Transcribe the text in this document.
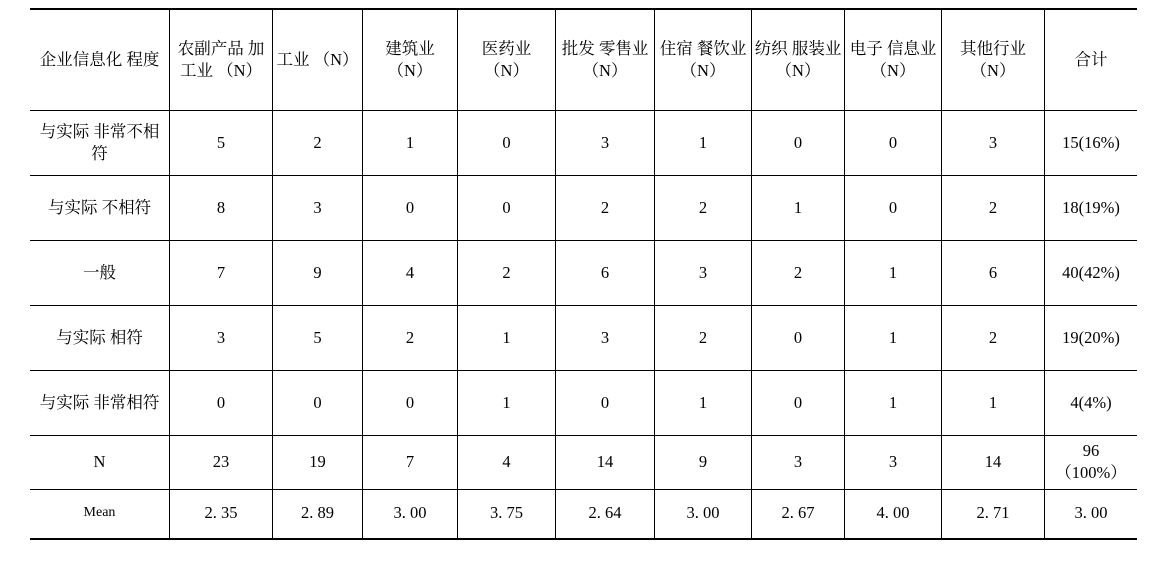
企业信息化 程度	农副产品 加工业 （N）	工业 （N）	建筑业 （N）	医药业 （N）	批发 零售业 （N）	住宿 餐饮业 （N）	纺织 服装业 （N）	电子 信息业 （N）	其他行业 （N）	合计
与实际 非常不相符	5	2	1	0	3	1	0	0	3	15(16%)

与实际 不相符	8	3	0	0	2	2	1	0	2	18(19%)

一般	7	9	4	2	6	3	2	1	6	40(42%)

与实际 相符	3	5	2	1	3	2	0	1	2	19(20%)

与实际 非常相符	0	0	0	1	0	1	0	1	1	4(4%)

N	23	19	7	4	14	9	3	3	14	96
（100%）

Mean	2. 35	2. 89	3. 00	3. 75	2. 64	3. 00	2. 67	4. 00	2. 71	3. 00
